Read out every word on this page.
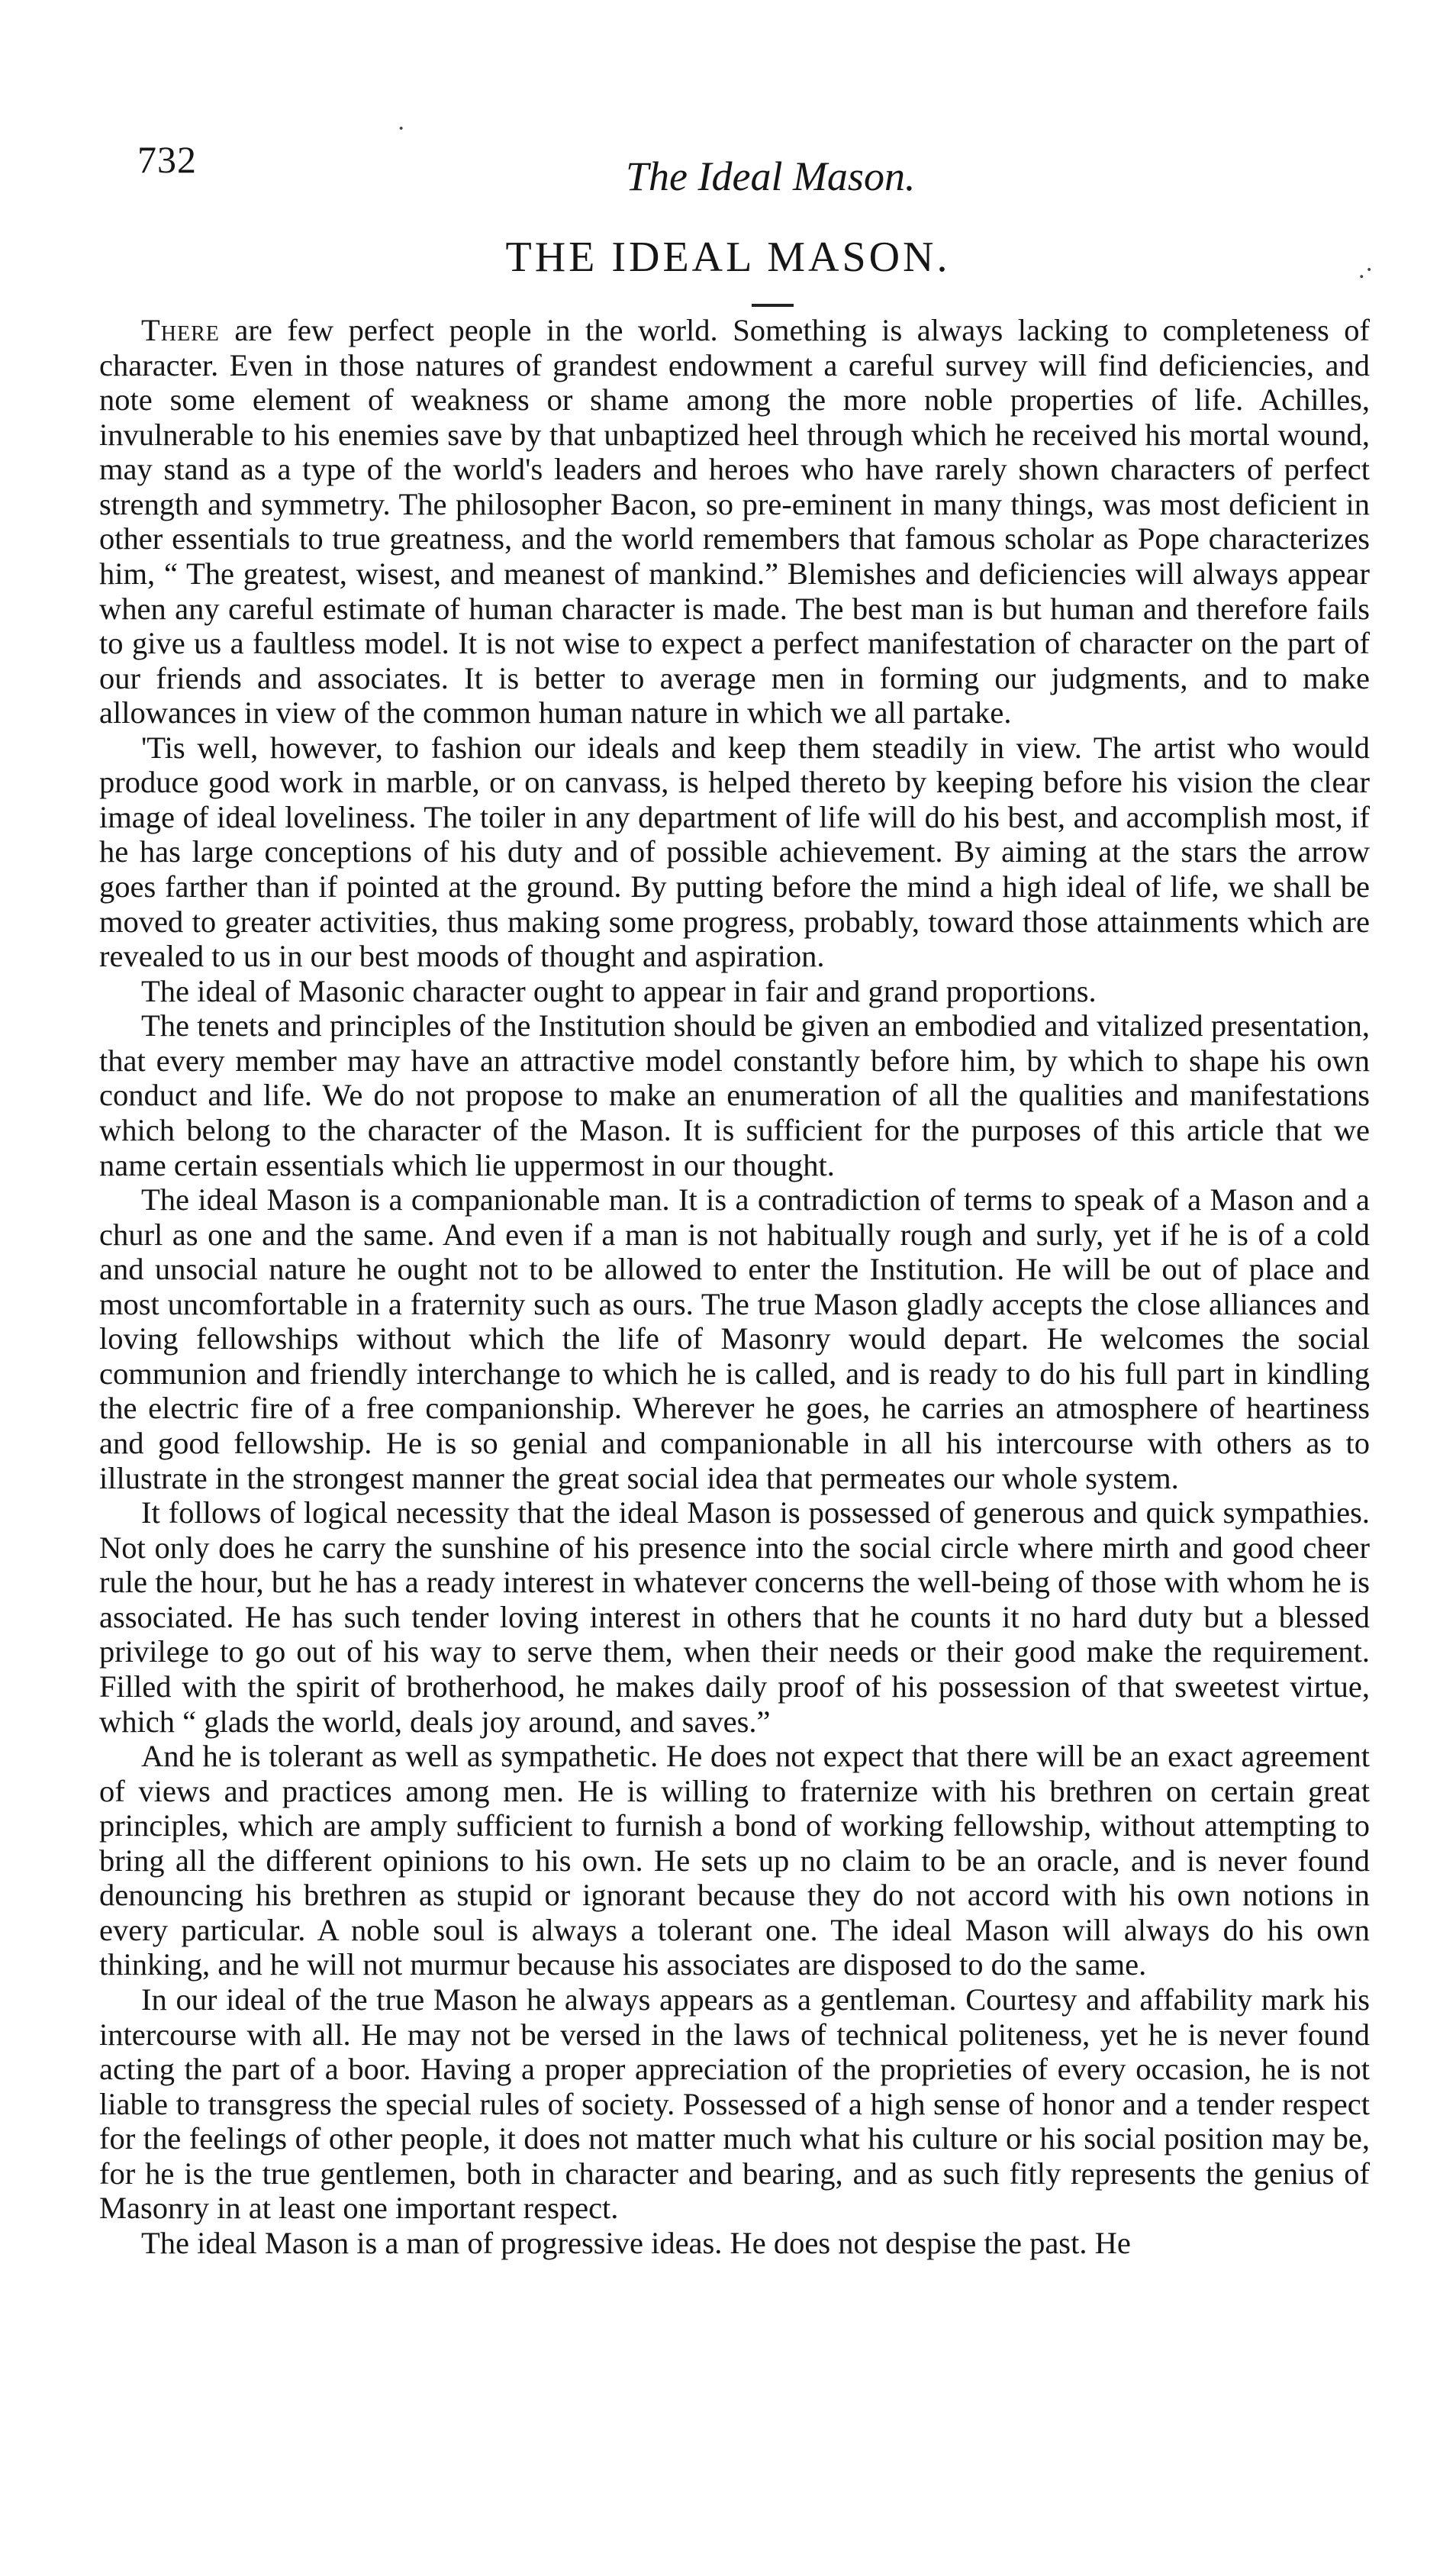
·
.·
732	The Ideal Mason.
THE IDEAL MASON.

There are few perfect people in the world. Something is always lacking to completeness of character. Even in those natures of grandest endowment a careful survey will find deficiencies, and note some element of weakness or shame among the more noble properties of life. Achilles, invulnerable to his enemies save by that unbaptized heel through which he received his mortal wound, may stand as a type of the world's leaders and heroes who have rarely shown characters of perfect strength and symmetry. The philosopher Bacon, so pre-eminent in many things, was most deficient in other essentials to true greatness, and the world remembers that famous scholar as Pope characterizes him, “ The greatest, wisest, and meanest of mankind.” Blemishes and deficiencies will always appear when any careful estimate of human character is made. The best man is but human and therefore fails to give us a faultless model. It is not wise to expect a perfect manifestation of character on the part of our friends and associates. It is better to average men in forming our judgments, and to make allowances in view of the common human nature in which we all partake.

'Tis well, however, to fashion our ideals and keep them steadily in view. The artist who would produce good work in marble, or on canvass, is helped thereto by keeping before his vision the clear image of ideal loveliness. The toiler in any department of life will do his best, and accomplish most, if he has large conceptions of his duty and of possible achievement. By aiming at the stars the arrow goes farther than if pointed at the ground. By putting before the mind a high ideal of life, we shall be moved to greater activities, thus making some progress, probably, toward those attainments which are revealed to us in our best moods of thought and aspiration.

The ideal of Masonic character ought to appear in fair and grand proportions.

The tenets and principles of the Institution should be given an embodied and vitalized presentation, that every member may have an attractive model constantly before him, by which to shape his own conduct and life. We do not propose to make an enumeration of all the qualities and manifestations which belong to the character of the Mason. It is sufficient for the purposes of this article that we name certain essentials which lie uppermost in our thought.

The ideal Mason is a companionable man. It is a contradiction of terms to speak of a Mason and a churl as one and the same. And even if a man is not habitually rough and surly, yet if he is of a cold and unsocial nature he ought not to be allowed to enter the Institution. He will be out of place and most uncomfortable in a fraternity such as ours. The true Mason gladly accepts the close alliances and loving fellowships without which the life of Masonry would depart. He welcomes the social communion and friendly interchange to which he is called, and is ready to do his full part in kindling the electric fire of a free companionship. Wherever he goes, he carries an atmosphere of heartiness and good fellowship. He is so genial and companionable in all his intercourse with others as to illustrate in the strongest manner the great social idea that permeates our whole system.

It follows of logical necessity that the ideal Mason is possessed of generous and quick sympathies. Not only does he carry the sunshine of his presence into the social circle where mirth and good cheer rule the hour, but he has a ready interest in whatever concerns the well-being of those with whom he is associated. He has such tender loving interest in others that he counts it no hard duty but a blessed privilege to go out of his way to serve them, when their needs or their good make the requirement. Filled with the spirit of brotherhood, he makes daily proof of his possession of that sweetest virtue, which “ glads the world, deals joy around, and saves.”

And he is tolerant as well as sympathetic. He does not expect that there will be an exact agreement of views and practices among men. He is willing to fraternize with his brethren on certain great principles, which are amply sufficient to furnish a bond of working fellowship, without attempting to bring all the different opinions to his own. He sets up no claim to be an oracle, and is never found denouncing his brethren as stupid or ignorant because they do not accord with his own notions in every particular. A noble soul is always a tolerant one. The ideal Mason will always do his own thinking, and he will not murmur because his associates are disposed to do the same.

In our ideal of the true Mason he always appears as a gentleman. Courtesy and affability mark his intercourse with all. He may not be versed in the laws of technical politeness, yet he is never found acting the part of a boor. Having a proper appreciation of the proprieties of every occasion, he is not liable to transgress the special rules of society. Possessed of a high sense of honor and a tender respect for the feelings of other people, it does not matter much what his culture or his social position may be, for he is the true gentlemen, both in character and bearing, and as such fitly represents the genius of Masonry in at least one important respect.

The ideal Mason is a man of progressive ideas. He does not despise the past. He
